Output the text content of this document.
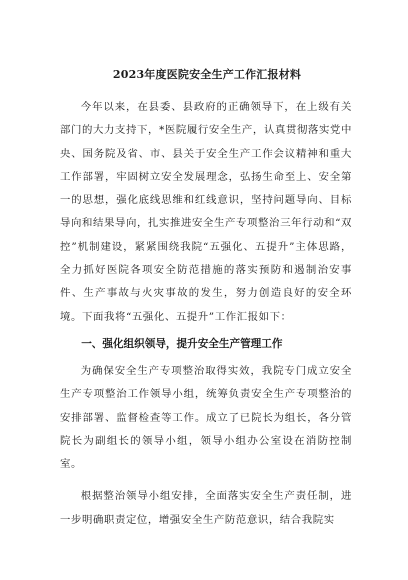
2023年度医院安全生产工作汇报材料

今年以来，在县委、县政府的正确领导下，在上级有关部门的大力支持下，*医院履行安全生产，认真贯彻落实党中央、国务院及省、市、县关于安全生产工作会议精神和重大工作部署，牢固树立安全发展理念，弘扬生命至上、安全第一的思想，强化底线思维和红线意识，坚持问题导向、目标导向和结果导向，扎实推进安全生产专项整治三年行动和“双控”机制建设，紧紧围绕我院“五强化、五提升”主体思路，全力抓好医院各项安全防范措施的落实预防和遏制治安事件、生产事故与火灾事故的发生，努力创造良好的安全环境。下面我将“五强化、五提升”工作汇报如下：

一、强化组织领导，提升安全生产管理工作

为确保安全生产专项整治取得实效，我院专门成立安全生产专项整治工作领导小组，统筹负责安全生产专项整治的安排部署、监督检查等工作。成立了已院长为组长，各分管院长为副组长的领导小组，领导小组办公室设在消防控制室。

根据整治领导小组安排，全面落实安全生产责任制，进一步明确职责定位，增强安全生产防范意识，结合我院实
